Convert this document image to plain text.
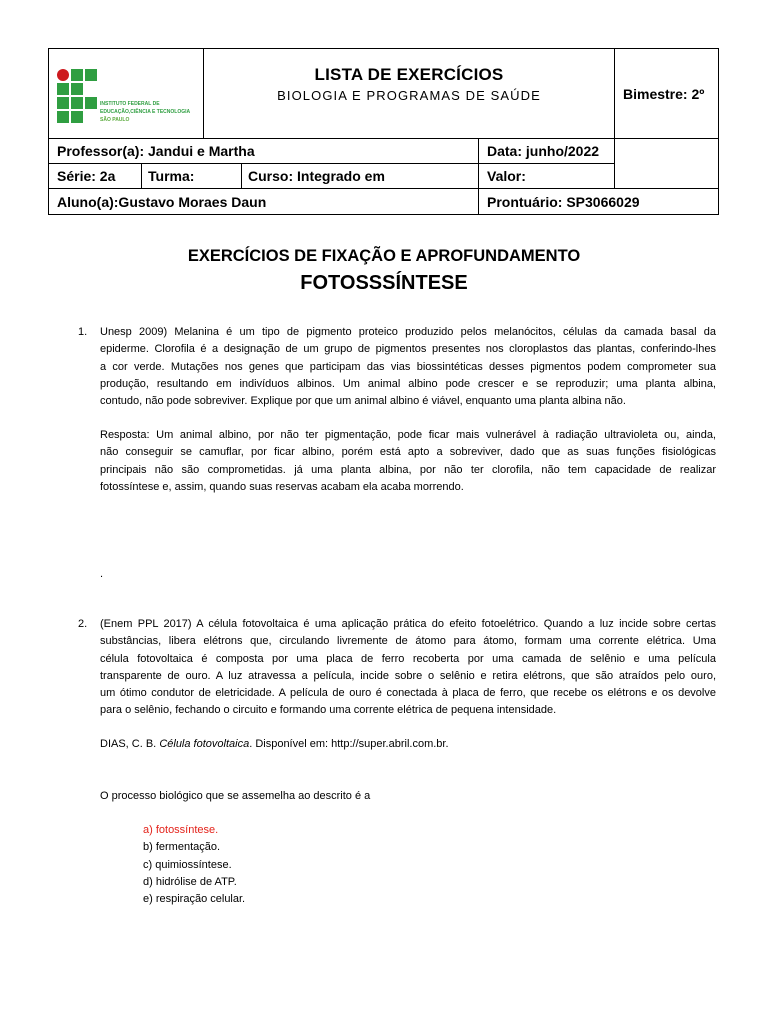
INSTITUTO FEDERAL DE
EDUCAÇÃO,CIÊNCIA E TECNOLOGIA
SÃO PAULO
LISTA DE EXERCÍCIOS
BIOLOGIA E PROGRAMAS DE SAÚDE	Bimestre: 2º
Professor(a): Jandui e Martha	Data: junho/2022
Série: 2a Turma:	Curso: Integrado em	Valor:
Aluno(a):Gustavo Moraes Daun	Prontuário: SP3066029
EXERCÍCIOS DE FIXAÇÃO E APROFUNDAMENTO
FOTOSSSÍNTESE
1. Unesp 2009) Melanina é um tipo de pigmento proteico produzido pelos melanócitos, células da camada basal da
epiderme. Clorofila é a designação de um grupo de pigmentos presentes nos cloroplastos das plantas, conferindo-lhes
a cor verde. Mutações nos genes que participam das vias biossintéticas desses pigmentos podem comprometer sua
produção, resultando em indivíduos albinos. Um animal albino pode crescer e se reproduzir; uma planta albina,
contudo, não pode sobreviver. Explique por que um animal albino é viável, enquanto uma planta albina não.
Resposta: Um animal albino, por não ter pigmentação, pode ficar mais vulnerável à radiação ultravioleta ou, ainda,
não conseguir se camuflar, por ficar albino, porém está apto a sobreviver, dado que as suas funções fisiológicas
principais não são comprometidas. já uma planta albina, por não ter clorofila, não tem capacidade de realizar
fotossíntese e, assim, quando suas reservas acabam ela acaba morrendo.
.
2. (Enem PPL 2017) A célula fotovoltaica é uma aplicação prática do efeito fotoelétrico. Quando a luz incide sobre certas
substâncias, libera elétrons que, circulando livremente de átomo para átomo, formam uma corrente elétrica. Uma
célula fotovoltaica é composta por uma placa de ferro recoberta por uma camada de selênio e uma película
transparente de ouro. A luz atravessa a película, incide sobre o selênio e retira elétrons, que são atraídos pelo ouro,
um ótimo condutor de eletricidade. A película de ouro é conectada à placa de ferro, que recebe os elétrons e os devolve
para o selênio, fechando o circuito e formando uma corrente elétrica de pequena intensidade.
DIAS, C. B. Célula fotovoltaica. Disponível em: http://super.abril.com.br.
O processo biológico que se assemelha ao descrito é a
a) fotossíntese.
b) fermentação.
c) quimiossíntese.
d) hidrólise de ATP.
e) respiração celular.
